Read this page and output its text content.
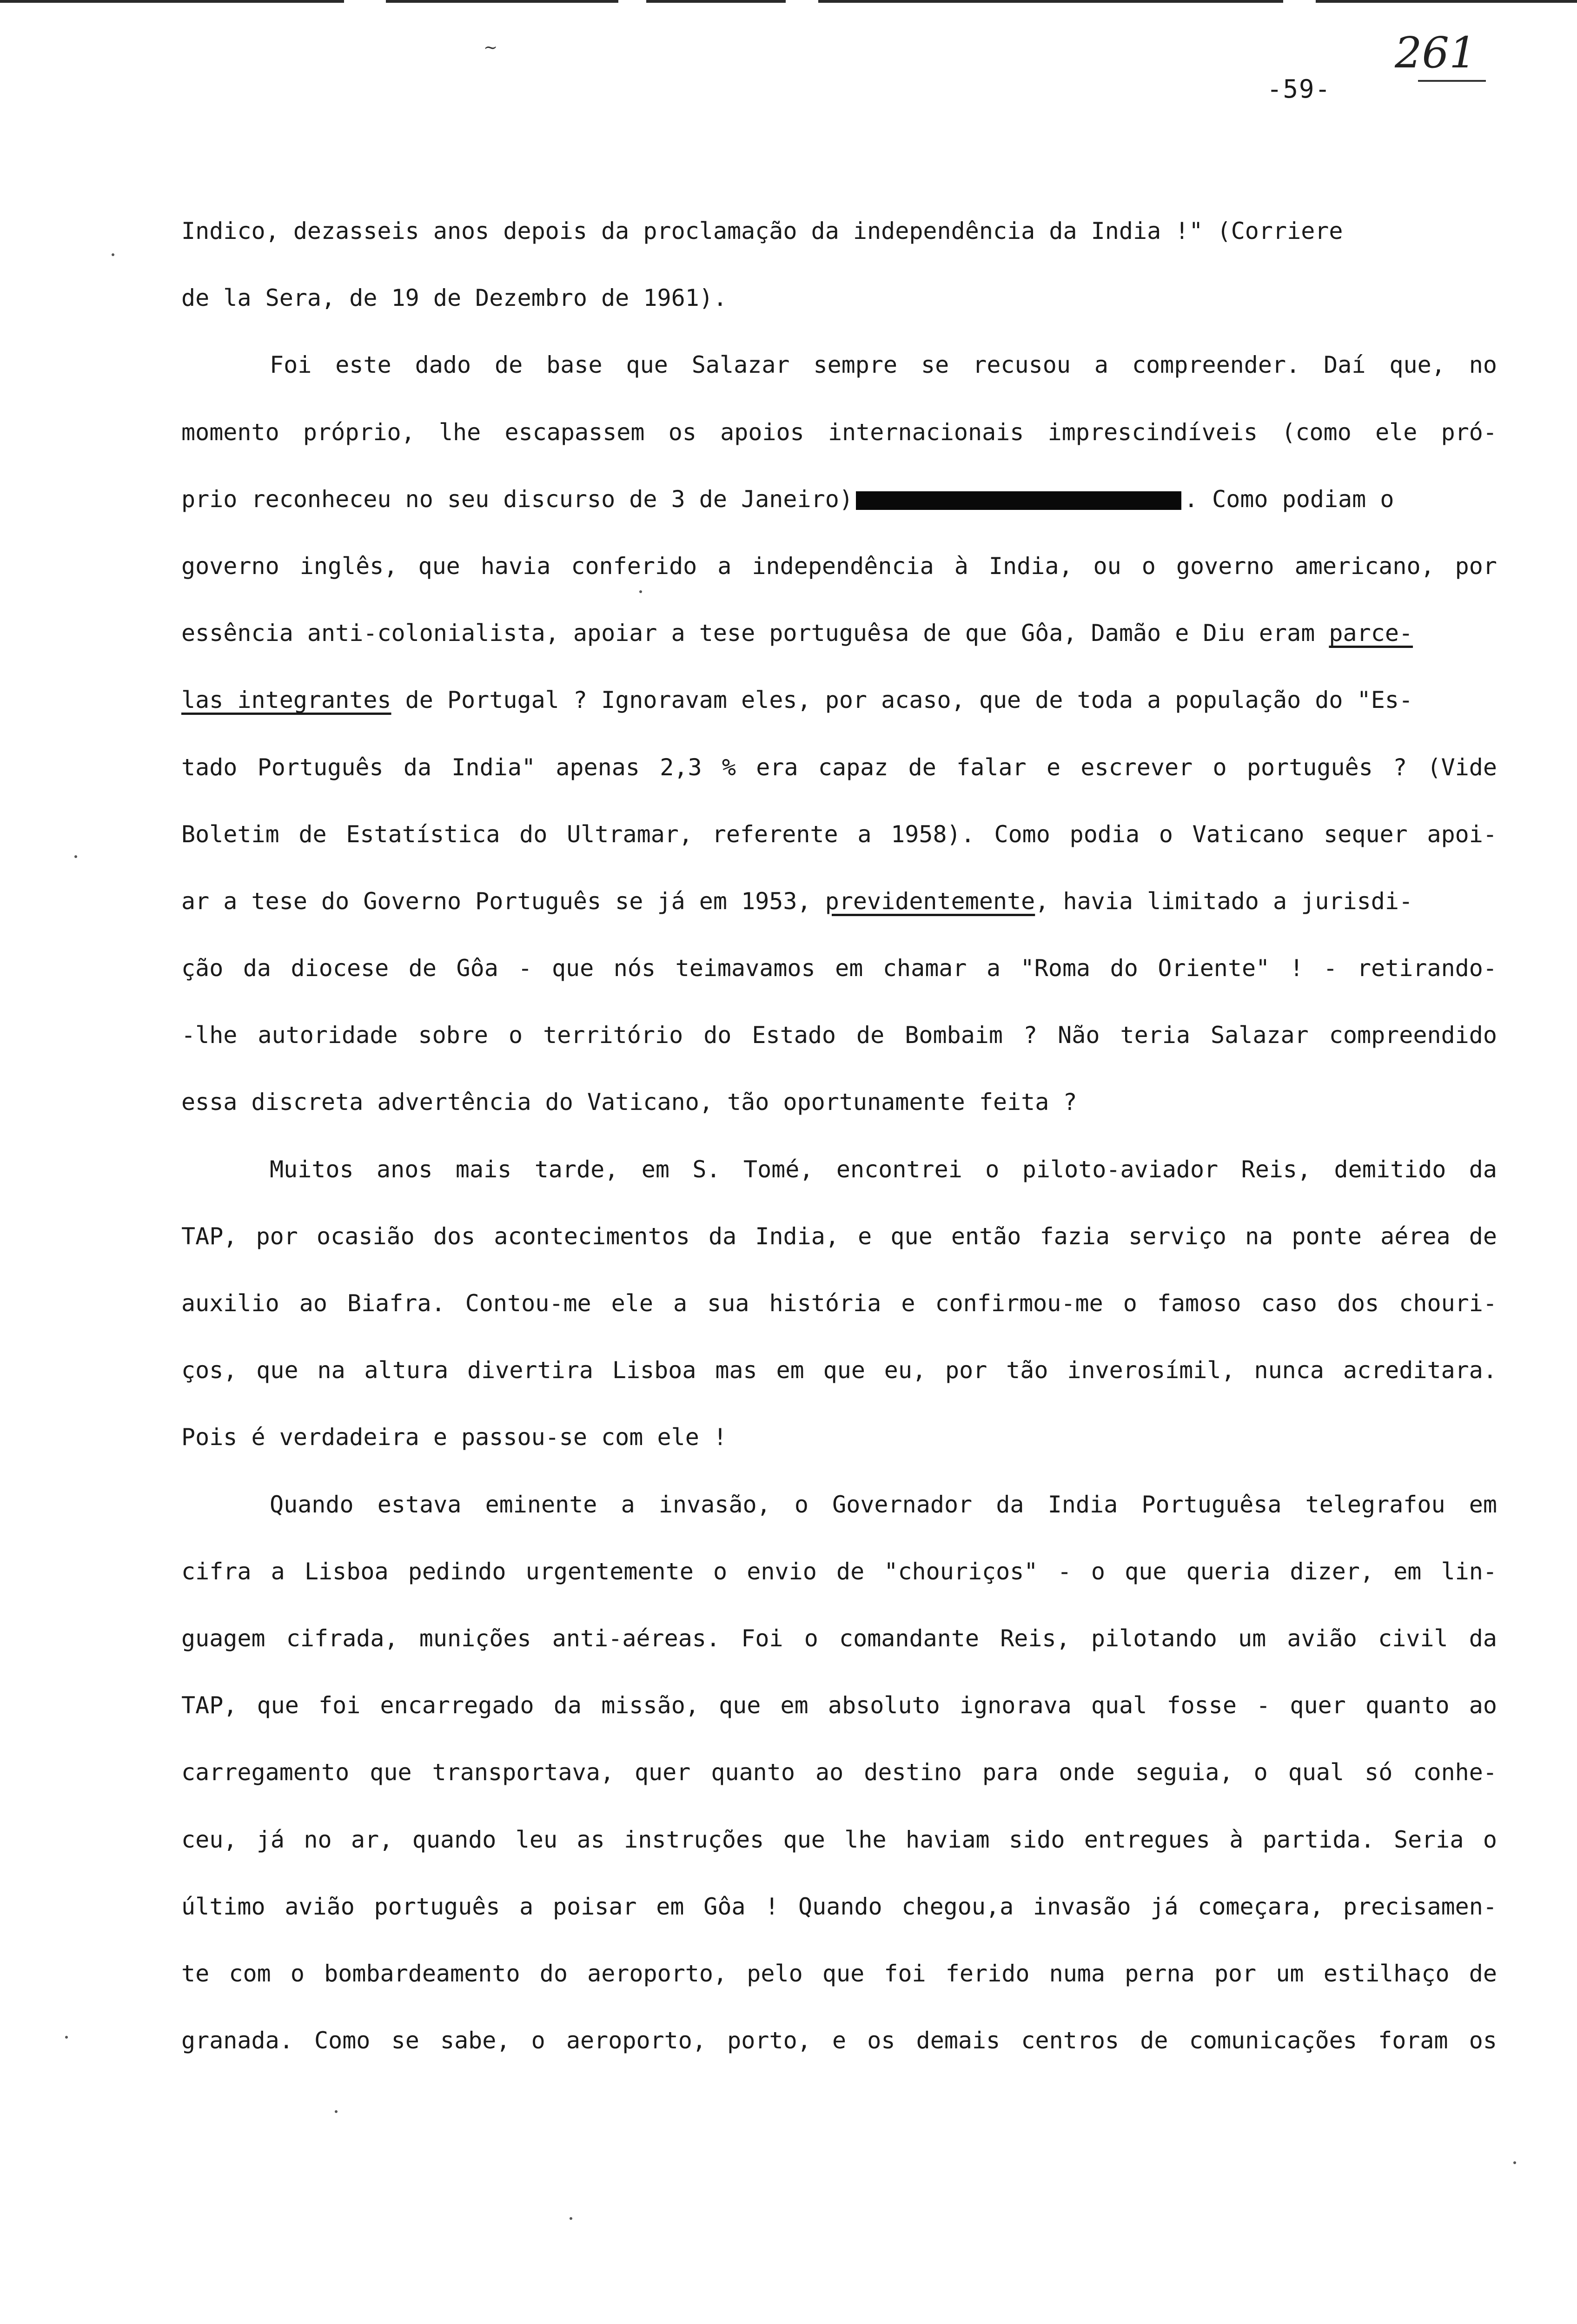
~
-59-
261
Indico, dezasseis anos depois da proclamação da independência da India !" (Corriere
de la Sera, de 19 de Dezembro de 1961).
Foi este dado de base que Salazar sempre se recusou a compreender. Daí que, no
momento próprio, lhe escapassem os apoios internacionais imprescindíveis (como ele pró-
prio reconheceu no seu discurso de 3 de Janeiro)	. Como podiam o
governo inglês, que havia conferido a independência à India, ou o governo americano, por
essência anti-colonialista, apoiar a tese portuguêsa de que Gôa, Damão e Diu eram parce-
las integrantes de Portugal ? Ignoravam eles, por acaso, que de toda a população do "Es-
tado Português da India" apenas 2,3 % era capaz de falar e escrever o português ? (Vide
Boletim de Estatística do Ultramar, referente a 1958). Como podia o Vaticano sequer apoi-
ar a tese do Governo Português se já em 1953, previdentemente, havia limitado a jurisdi-
ção da diocese de Gôa - que nós teimavamos em chamar a "Roma do Oriente" ! - retirando-
-lhe autoridade sobre o território do Estado de Bombaim ? Não teria Salazar compreendido
essa discreta advertência do Vaticano, tão oportunamente feita ?
Muitos anos mais tarde, em S. Tomé, encontrei o piloto-aviador Reis, demitido da
TAP, por ocasião dos acontecimentos da India, e que então fazia serviço na ponte aérea de
auxilio ao Biafra. Contou-me ele a sua história e confirmou-me o famoso caso dos chouri-
ços, que na altura divertira Lisboa mas em que eu, por tão inverosímil, nunca acreditara.
Pois é verdadeira e passou-se com ele !
Quando estava eminente a invasão, o Governador da India Portuguêsa telegrafou em
cifra a Lisboa pedindo urgentemente o envio de "chouriços" - o que queria dizer, em lin-
guagem cifrada, munições anti-aéreas. Foi o comandante Reis, pilotando um avião civil da
TAP, que foi encarregado da missão, que em absoluto ignorava qual fosse - quer quanto ao
carregamento que transportava, quer quanto ao destino para onde seguia, o qual só conhe-
ceu, já no ar, quando leu as instruções que lhe haviam sido entregues à partida. Seria o
último avião português a poisar em Gôa ! Quando chegou,a invasão já começara, precisamen-
te com o bombardeamento do aeroporto, pelo que foi ferido numa perna por um estilhaço de
granada. Como se sabe, o aeroporto, porto, e os demais centros de comunicações foram os
